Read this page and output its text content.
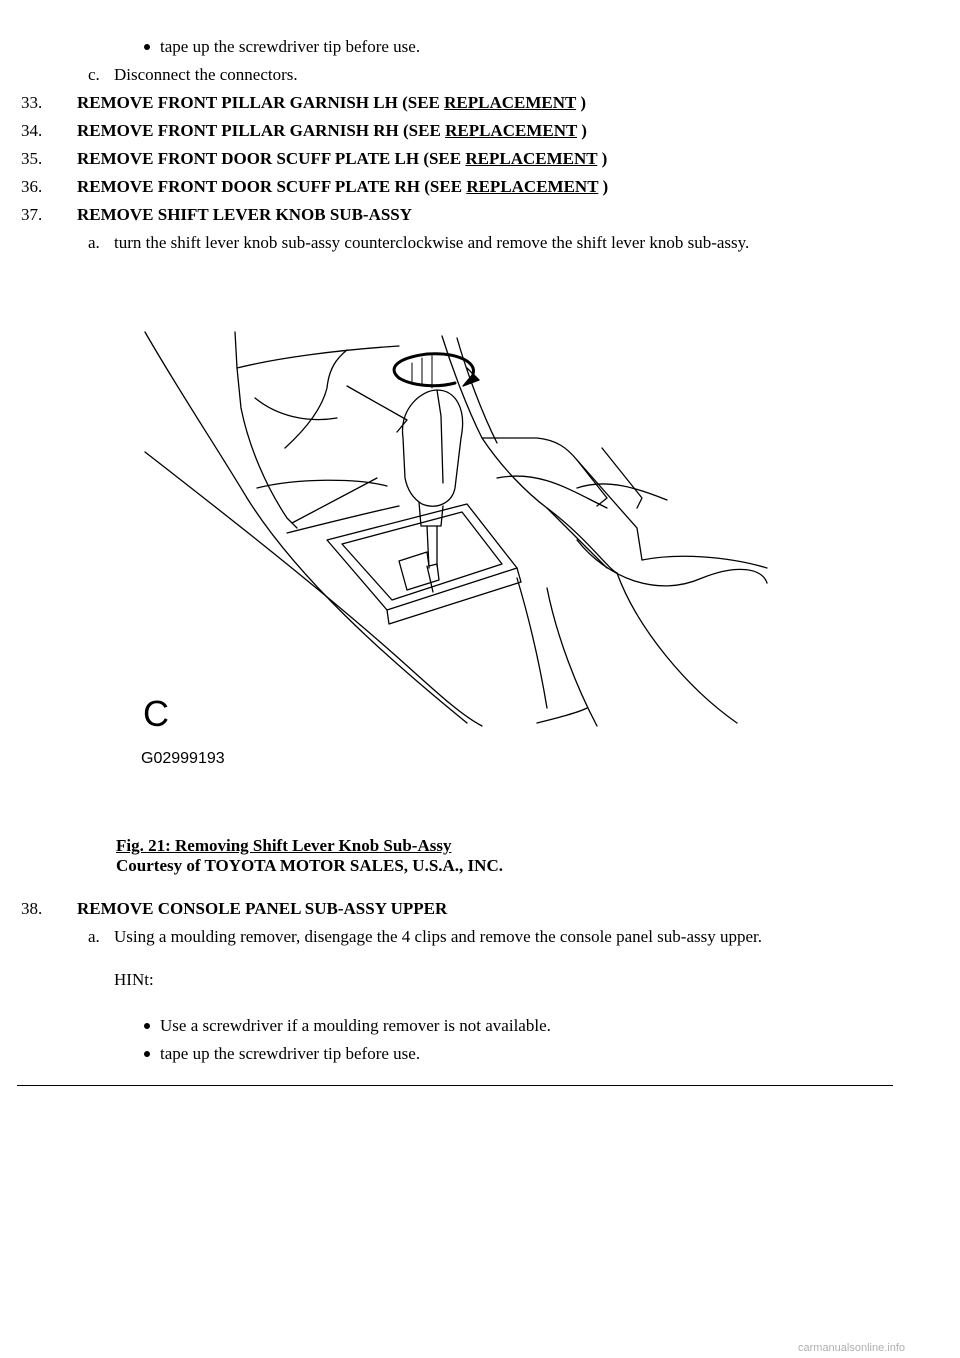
tape up the screwdriver tip before use.
c. Disconnect the connectors.
33. REMOVE FRONT PILLAR GARNISH LH (SEE REPLACEMENT )
34. REMOVE FRONT PILLAR GARNISH RH (SEE REPLACEMENT )
35. REMOVE FRONT DOOR SCUFF PLATE LH (SEE REPLACEMENT )
36. REMOVE FRONT DOOR SCUFF PLATE RH (SEE REPLACEMENT )
37. REMOVE SHIFT LEVER KNOB SUB-ASSY
a. turn the shift lever knob sub-assy counterclockwise and remove the shift lever knob sub-assy.
C
G02999193
Fig. 21: Removing Shift Lever Knob Sub-Assy
Courtesy of TOYOTA MOTOR SALES, U.S.A., INC.
38. REMOVE CONSOLE PANEL SUB-ASSY UPPER
a. Using a moulding remover, disengage the 4 clips and remove the console panel sub-assy upper.
HINt:
Use a screwdriver if a moulding remover is not available.
tape up the screwdriver tip before use.
carmanualsonline.info
